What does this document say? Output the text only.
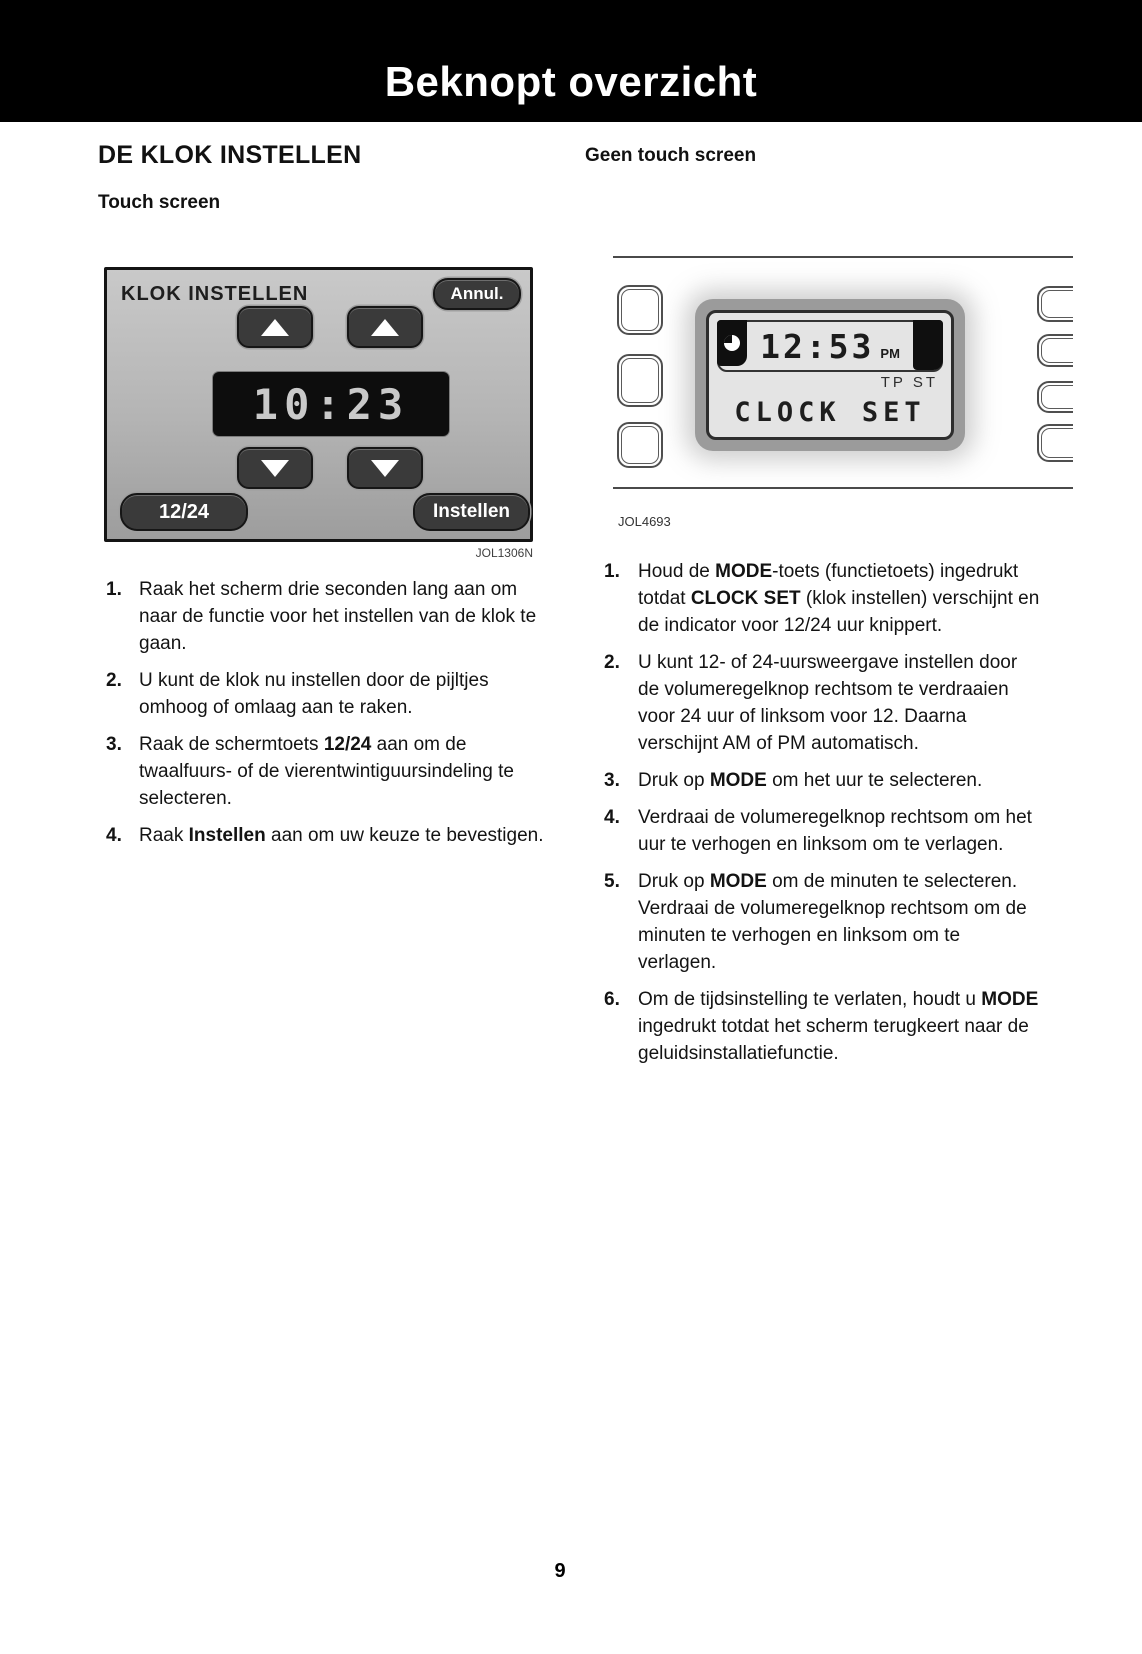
Beknopt overzicht
DE KLOK INSTELLEN	Geen touch screen
Touch screen
KLOK INSTELLEN	Annul.
10:23
12/24	Instellen
JOL1306N
12:53 PM
TP ST
CLOCK SET
JOL4693
1. Raak het scherm drie seconden lang aan om naar de functie voor het instellen van de klok te gaan.
2. U kunt de klok nu instellen door de pijltjes omhoog of omlaag aan te raken.
3. Raak de schermtoets 12/24 aan om de twaalfuurs- of de vierentwintiguursindeling te selecteren.
4. Raak Instellen aan om uw keuze te bevestigen.
1. Houd de MODE-toets (functietoets) ingedrukt totdat CLOCK SET (klok instellen) verschijnt en de indicator voor 12/24 uur knippert.
2. U kunt 12- of 24-uursweergave instellen door de volumeregelknop rechtsom te verdraaien voor 24 uur of linksom voor 12. Daarna verschijnt AM of PM automatisch.
3. Druk op MODE om het uur te selecteren.
4. Verdraai de volumeregelknop rechtsom om het uur te verhogen en linksom om te verlagen.
5. Druk op MODE om de minuten te selecteren. Verdraai de volumeregelknop rechtsom om de minuten te verhogen en linksom om te verlagen.
6. Om de tijdsinstelling te verlaten, houdt u MODE ingedrukt totdat het scherm terugkeert naar de geluidsinstallatiefunctie.
9
